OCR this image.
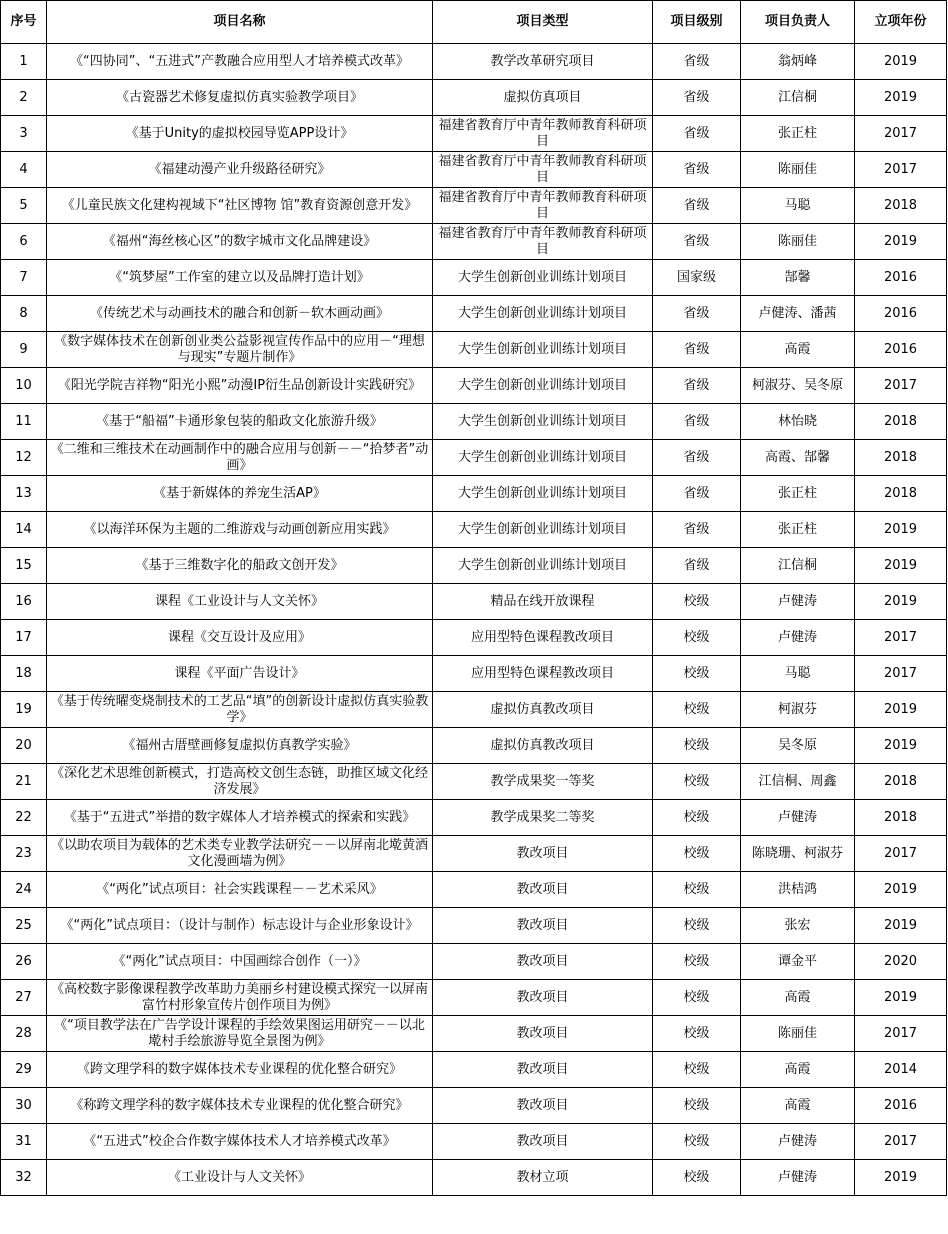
序号	项目名称	项目类型	项目级别	项目负责人	立项年份
1	《“四协同”、“五进式”产教融合应用型人才培养模式改革》	教学改革研究项目	省级	翁炳峰	2019
2	《古瓷器艺术修复虚拟仿真实验教学项目》	虚拟仿真项目	省级	江信桐	2019
3	《基于Unity的虚拟校园导览APP设计》	福建省教育厅中青年教师教育科研项目	省级	张正柱	2017
4	《福建动漫产业升级路径研究》	福建省教育厅中青年教师教育科研项目	省级	陈丽佳	2017
5	《儿童民族文化建构视域下“社区博物 馆”教育资源创意开发》	福建省教育厅中青年教师教育科研项目	省级	马聪	2018
6	《福州“海丝核心区”的数字城市文化品牌建设》	福建省教育厅中青年教师教育科研项目	省级	陈丽佳	2019
7	《“筑梦屋”工作室的建立以及品牌打造计划》	大学生创新创业训练计划项目	国家级	郜馨	2016
8	《传统艺术与动画技术的融合和创新－软木画动画》	大学生创新创业训练计划项目	省级	卢健涛、潘茜	2016
9	《数字媒体技术在创新创业类公益影视宣传作品中的应用－“理想与现实”专题片制作》	大学生创新创业训练计划项目	省级	高霞	2016
10	《阳光学院吉祥物“阳光小熙”动漫IP衍生品创新设计实践研究》	大学生创新创业训练计划项目	省级	柯淑芬、吴冬原	2017
11	《基于“船福”卡通形象包装的船政文化旅游升级》	大学生创新创业训练计划项目	省级	林怡晓	2018
12	《二维和三维技术在动画制作中的融合应用与创新－－“拾梦者”动画》	大学生创新创业训练计划项目	省级	高霞、郜馨	2018
13	《基于新媒体的养宠生活AP》	大学生创新创业训练计划项目	省级	张正柱	2018
14	《以海洋环保为主题的二维游戏与动画创新应用实践》	大学生创新创业训练计划项目	省级	张正柱	2019
15	《基于三维数字化的船政文创开发》	大学生创新创业训练计划项目	省级	江信桐	2019
16	课程《工业设计与人文关怀》	精品在线开放课程	校级	卢健涛	2019
17	课程《交互设计及应用》	应用型特色课程教改项目	校级	卢健涛	2017
18	课程《平面广告设计》	应用型特色课程教改项目	校级	马聪	2017
19	《基于传统曜变烧制技术的工艺品“填”的创新设计虚拟仿真实验教学》	虚拟仿真教改项目	校级	柯淑芬	2019
20	《福州古厝壁画修复虚拟仿真教学实验》	虚拟仿真教改项目	校级	吴冬原	2019
21	《深化艺术思维创新模式，打造高校文创生态链，助推区域文化经济发展》	教学成果奖一等奖	校级	江信桐、周鑫	2018
22	《基于“五进式”举措的数字媒体人才培养模式的探索和实践》	教学成果奖二等奖	校级	卢健涛	2018
23	《以助农项目为载体的艺术类专业教学法研究－－以屏南北墘黄酒文化漫画墙为例》	教改项目	校级	陈晓珊、柯淑芬	2017
24	《“两化”试点项目：社会实践课程－－艺术采风》	教改项目	校级	洪桔鸿	2019
25	《“两化”试点项目：（设计与制作）标志设计与企业形象设计》	教改项目	校级	张宏	2019
26	《“两化”试点项目：中国画综合创作（一）》	教改项目	校级	谭金平	2020
27	《高校数字影像课程教学改革助力美丽乡村建设模式探究一以屏南富竹村形象宣传片创作项目为例》	教改项目	校级	高霞	2019
28	《“项目教学法在广告学设计课程的手绘效果图运用研究－－以北墘村手绘旅游导览全景图为例》	教改项目	校级	陈丽佳	2017
29	《跨文理学科的数字媒体技术专业课程的优化整合研究》	教改项目	校级	高霞	2014
30	《称跨文理学科的数字媒体技术专业课程的优化整合研究》	教改项目	校级	高霞	2016
31	《“五进式”校企合作数字媒体技术人才培养模式改革》	教改项目	校级	卢健涛	2017
32	《工业设计与人文关怀》	教材立项	校级	卢健涛	2019
